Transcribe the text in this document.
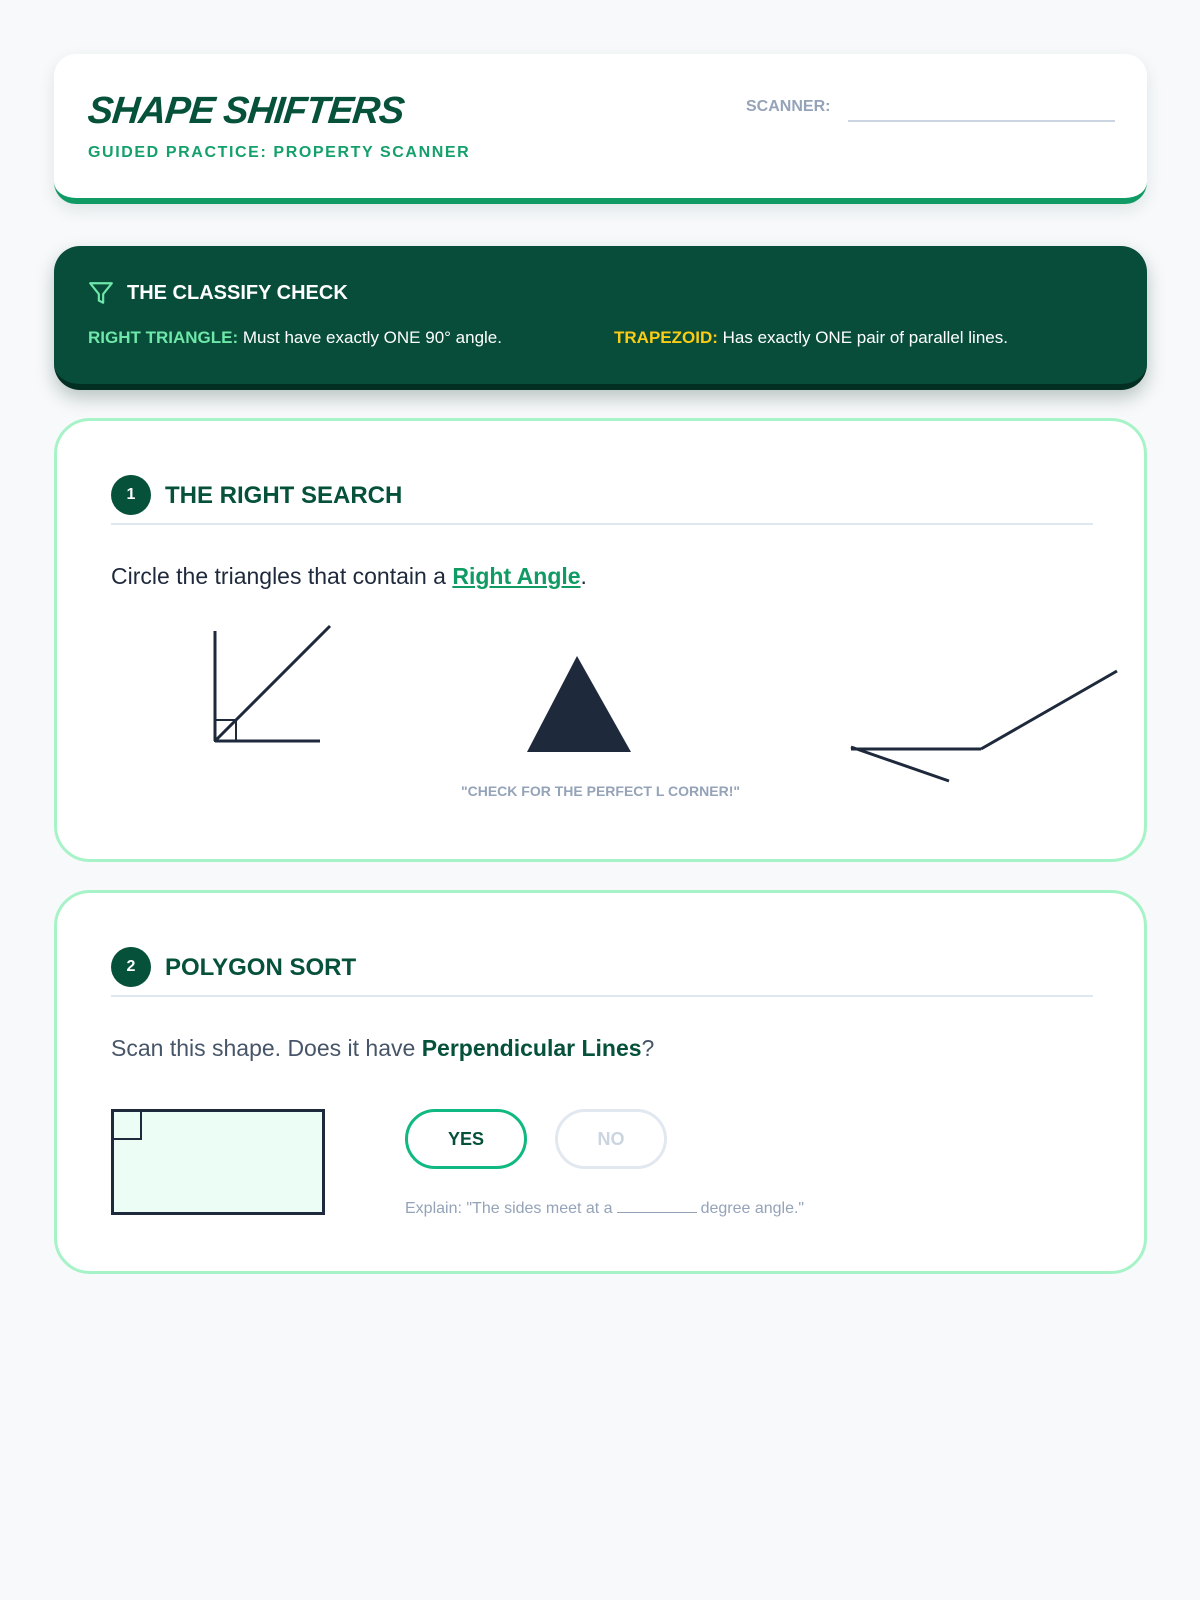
SHAPE SHIFTERS
GUIDED PRACTICE: PROPERTY SCANNER
SCANNER:
THE CLASSIFY CHECK
RIGHT TRIANGLE: Must have exactly ONE 90° angle.	TRAPEZOID: Has exactly ONE pair of parallel lines.
1	THE RIGHT SEARCH
Circle the triangles that contain a Right Angle.
"CHECK FOR THE PERFECT L CORNER!"
2	POLYGON SORT
Scan this shape. Does it have Perpendicular Lines?
YES	NO
Explain: "The sides meet at a	degree angle."
